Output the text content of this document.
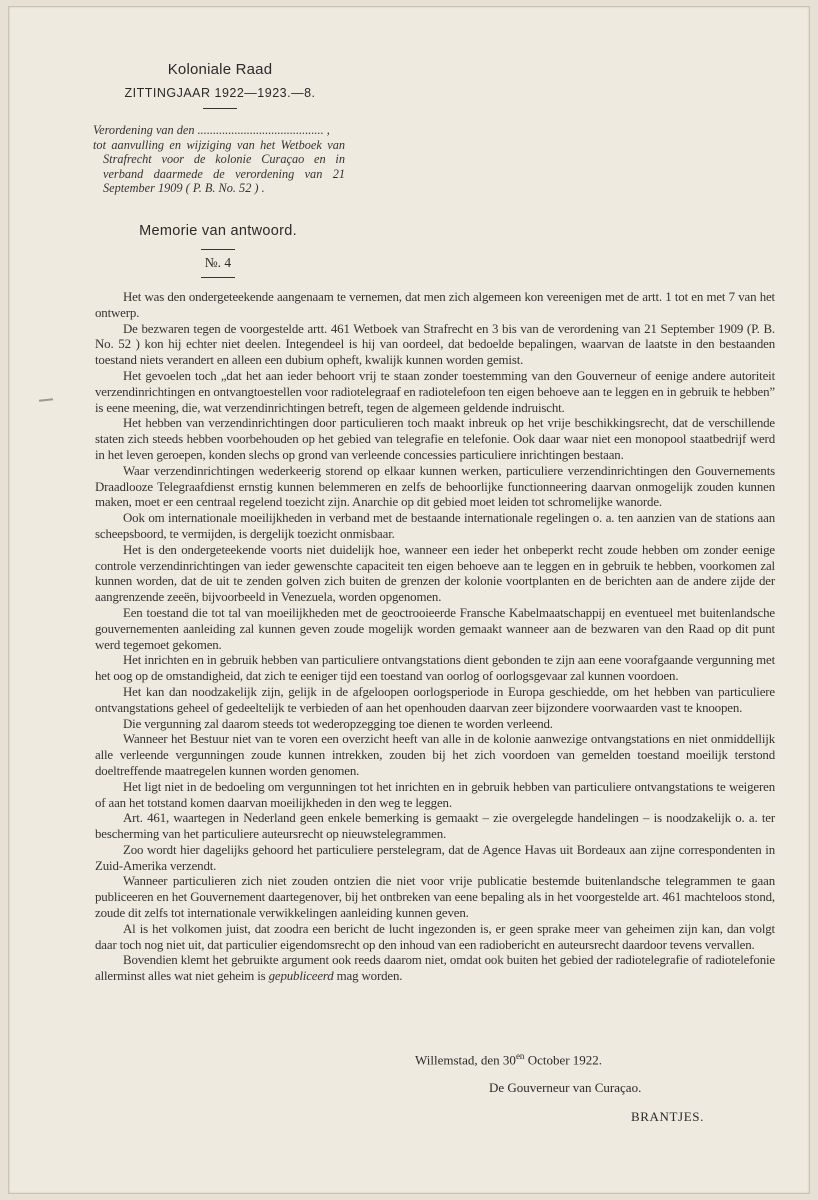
Koloniale Raad

ZITTINGJAAR 1922—1923.—8.

Verordening van den ......................................... ,

tot aanvulling en wijziging van het Wetboek van Strafrecht voor de kolonie Curaçao en in verband daarmede de verordening van 21 September 1909 ( P. B. No. 52 ) .

Memorie van antwoord.
№. 4

Het was den ondergeteekende aangenaam te vernemen, dat men zich algemeen kon vereenigen met de artt. 1 tot en met 7 van het ontwerp.

De bezwaren tegen de voorgestelde artt. 461 Wetboek van Strafrecht en 3 bis van de verordening van 21 September 1909 (P. B. No. 52 ) kon hij echter niet deelen. Integendeel is hij van oordeel, dat bedoelde bepalingen, waarvan de laatste in den bestaanden toestand niets verandert en alleen een dubium opheft, kwalijk kunnen worden gemist.

Het gevoelen toch „dat het aan ieder behoort vrij te staan zonder toestemming van den Gouverneur of eenige andere autoriteit verzendinrichtingen en ontvangtoestellen voor radiotelegraaf en radiotelefoon ten eigen behoeve aan te leggen en in gebruik te hebben” is eene meening, die, wat verzendinrichtingen betreft, tegen de algemeen geldende indruischt.

Het hebben van verzendinrichtingen door particulieren toch maakt inbreuk op het vrije beschikkingsrecht, dat de verschillende staten zich steeds hebben voorbehouden op het gebied van telegrafie en telefonie. Ook daar waar niet een monopool staatbedrijf werd in het leven geroepen, konden slechs op grond van verleende concessies particuliere inrichtingen bestaan.

Waar verzendinrichtingen wederkeerig storend op elkaar kunnen werken, particuliere verzendinrichtingen den Gouvernements Draadlooze Telegraafdienst ernstig kunnen belemmeren en zelfs de behoorlijke functionneering daarvan onmogelijk zouden kunnen maken, moet er een centraal regelend toezicht zijn. Anarchie op dit gebied moet leiden tot schromelijke wanorde.

Ook om internationale moeilijkheden in verband met de bestaande internationale regelingen o. a. ten aanzien van de stations aan scheepsboord, te vermijden, is dergelijk toezicht onmisbaar.

Het is den ondergeteekende voorts niet duidelijk hoe, wanneer een ieder het onbeperkt recht zoude hebben om zonder eenige controle verzendinrichtingen van ieder gewenschte capaciteit ten eigen behoeve aan te leggen en in gebruik te hebben, voorkomen zal kunnen worden, dat de uit te zenden golven zich buiten de grenzen der kolonie voortplanten en de berichten aan de andere zijde der aangrenzende zeeën, bijvoorbeeld in Venezuela, worden opgenomen.

Een toestand die tot tal van moeilijkheden met de geoctrooieerde Fransche Kabelmaatschappij en eventueel met buitenlandsche gouvernementen aanleiding zal kunnen geven zoude mogelijk worden gemaakt wanneer aan de bezwaren van den Raad op dit punt werd tegemoet gekomen.

Het inrichten en in gebruik hebben van particuliere ontvangstations dient gebonden te zijn aan eene voorafgaande vergunning met het oog op de omstandigheid, dat zich te eeniger tijd een toestand van oorlog of oorlogsgevaar zal kunnen voordoen.

Het kan dan noodzakelijk zijn, gelijk in de afgeloopen oorlogsperiode in Europa geschiedde, om het hebben van particuliere ontvangstations geheel of gedeeltelijk te verbieden of aan het openhouden daarvan zeer bijzondere voorwaarden vast te knoopen.

Die vergunning zal daarom steeds tot wederopzegging toe dienen te worden verleend.

Wanneer het Bestuur niet van te voren een overzicht heeft van alle in de kolonie aanwezige ontvangstations en niet onmiddellijk alle verleende vergunningen zoude kunnen intrekken, zouden bij het zich voordoen van gemelden toestand moeilijk terstond doeltreffende maatregelen kunnen worden genomen.

Het ligt niet in de bedoeling om vergunningen tot het inrichten en in gebruik hebben van particuliere ontvangstations te weigeren of aan het totstand komen daarvan moeilijkheden in den weg te leggen.

Art. 461, waartegen in Nederland geen enkele bemerking is gemaakt – zie overgelegde handelingen – is noodzakelijk o. a. ter bescherming van het particuliere auteursrecht op nieuwstelegrammen.

Zoo wordt hier dagelijks gehoord het particuliere perstelegram, dat de Agence Havas uit Bordeaux aan zijne correspondenten in Zuid-Amerika verzendt.

Wanneer particulieren zich niet zouden ontzien die niet voor vrije publicatie bestemde buitenlandsche telegrammen te gaan publiceeren en het Gouvernement daartegenover, bij het ontbreken van eene bepaling als in het voorgestelde art. 461 machteloos stond, zoude dit zelfs tot internationale verwikkelingen aanleiding kunnen geven.

Al is het volkomen juist, dat zoodra een bericht de lucht ingezonden is, er geen sprake meer van geheimen zijn kan, dan volgt daar toch nog niet uit, dat particulier eigendomsrecht op den inhoud van een radiobericht en auteursrecht daardoor tevens vervallen.

Bovendien klemt het gebruikte argument ook reeds daarom niet, omdat ook buiten het gebied der radiotelegrafie of radiotelefonie allerminst alles wat niet geheim is gepubliceerd mag worden.

Willemstad, den $30^{en}$ October 1922.
De Gouverneur van Curaçao.
BRANTJES.
